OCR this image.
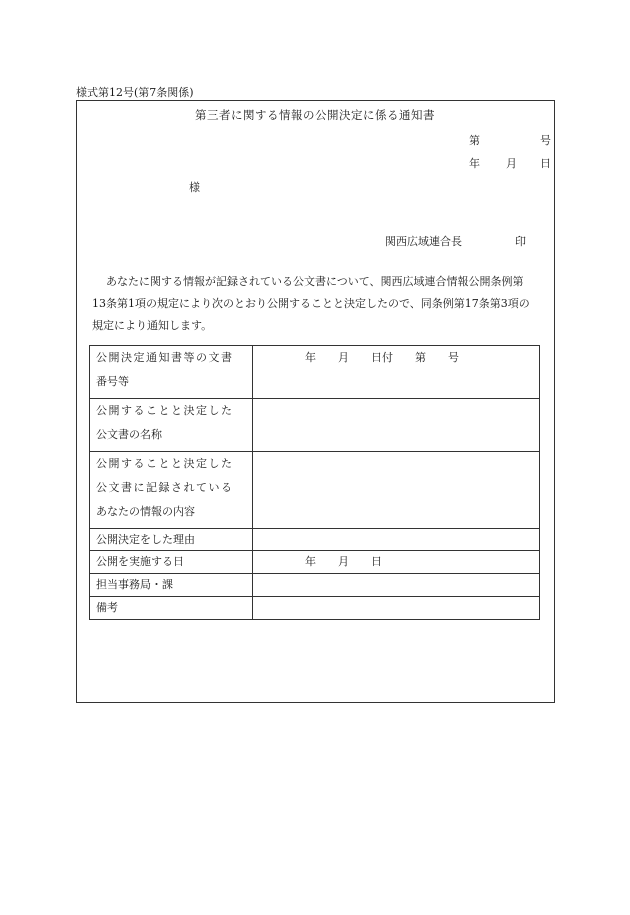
様式第12号(第7条関係)
第三者に関する情報の公開決定に係る通知書
第	号
年 月 日
様
関西広域連合長	印

あなたに関する情報が記録されている公文書について、関西広域連合情報公開条例第

13条第1項の規定により次のとおり公開することと決定したので、同条例第17条第3項の

規定により通知します。

公開決定通知書等の文書
番号等	年　　月　　日付　　第　　号

公開することと決定した
公文書の名称	

公開することと決定した
公文書に記録されている
あなたの情報の内容	

公開決定をした理由	

公開を実施する日	年　　月　　日

担当事務局・課	

備考	
